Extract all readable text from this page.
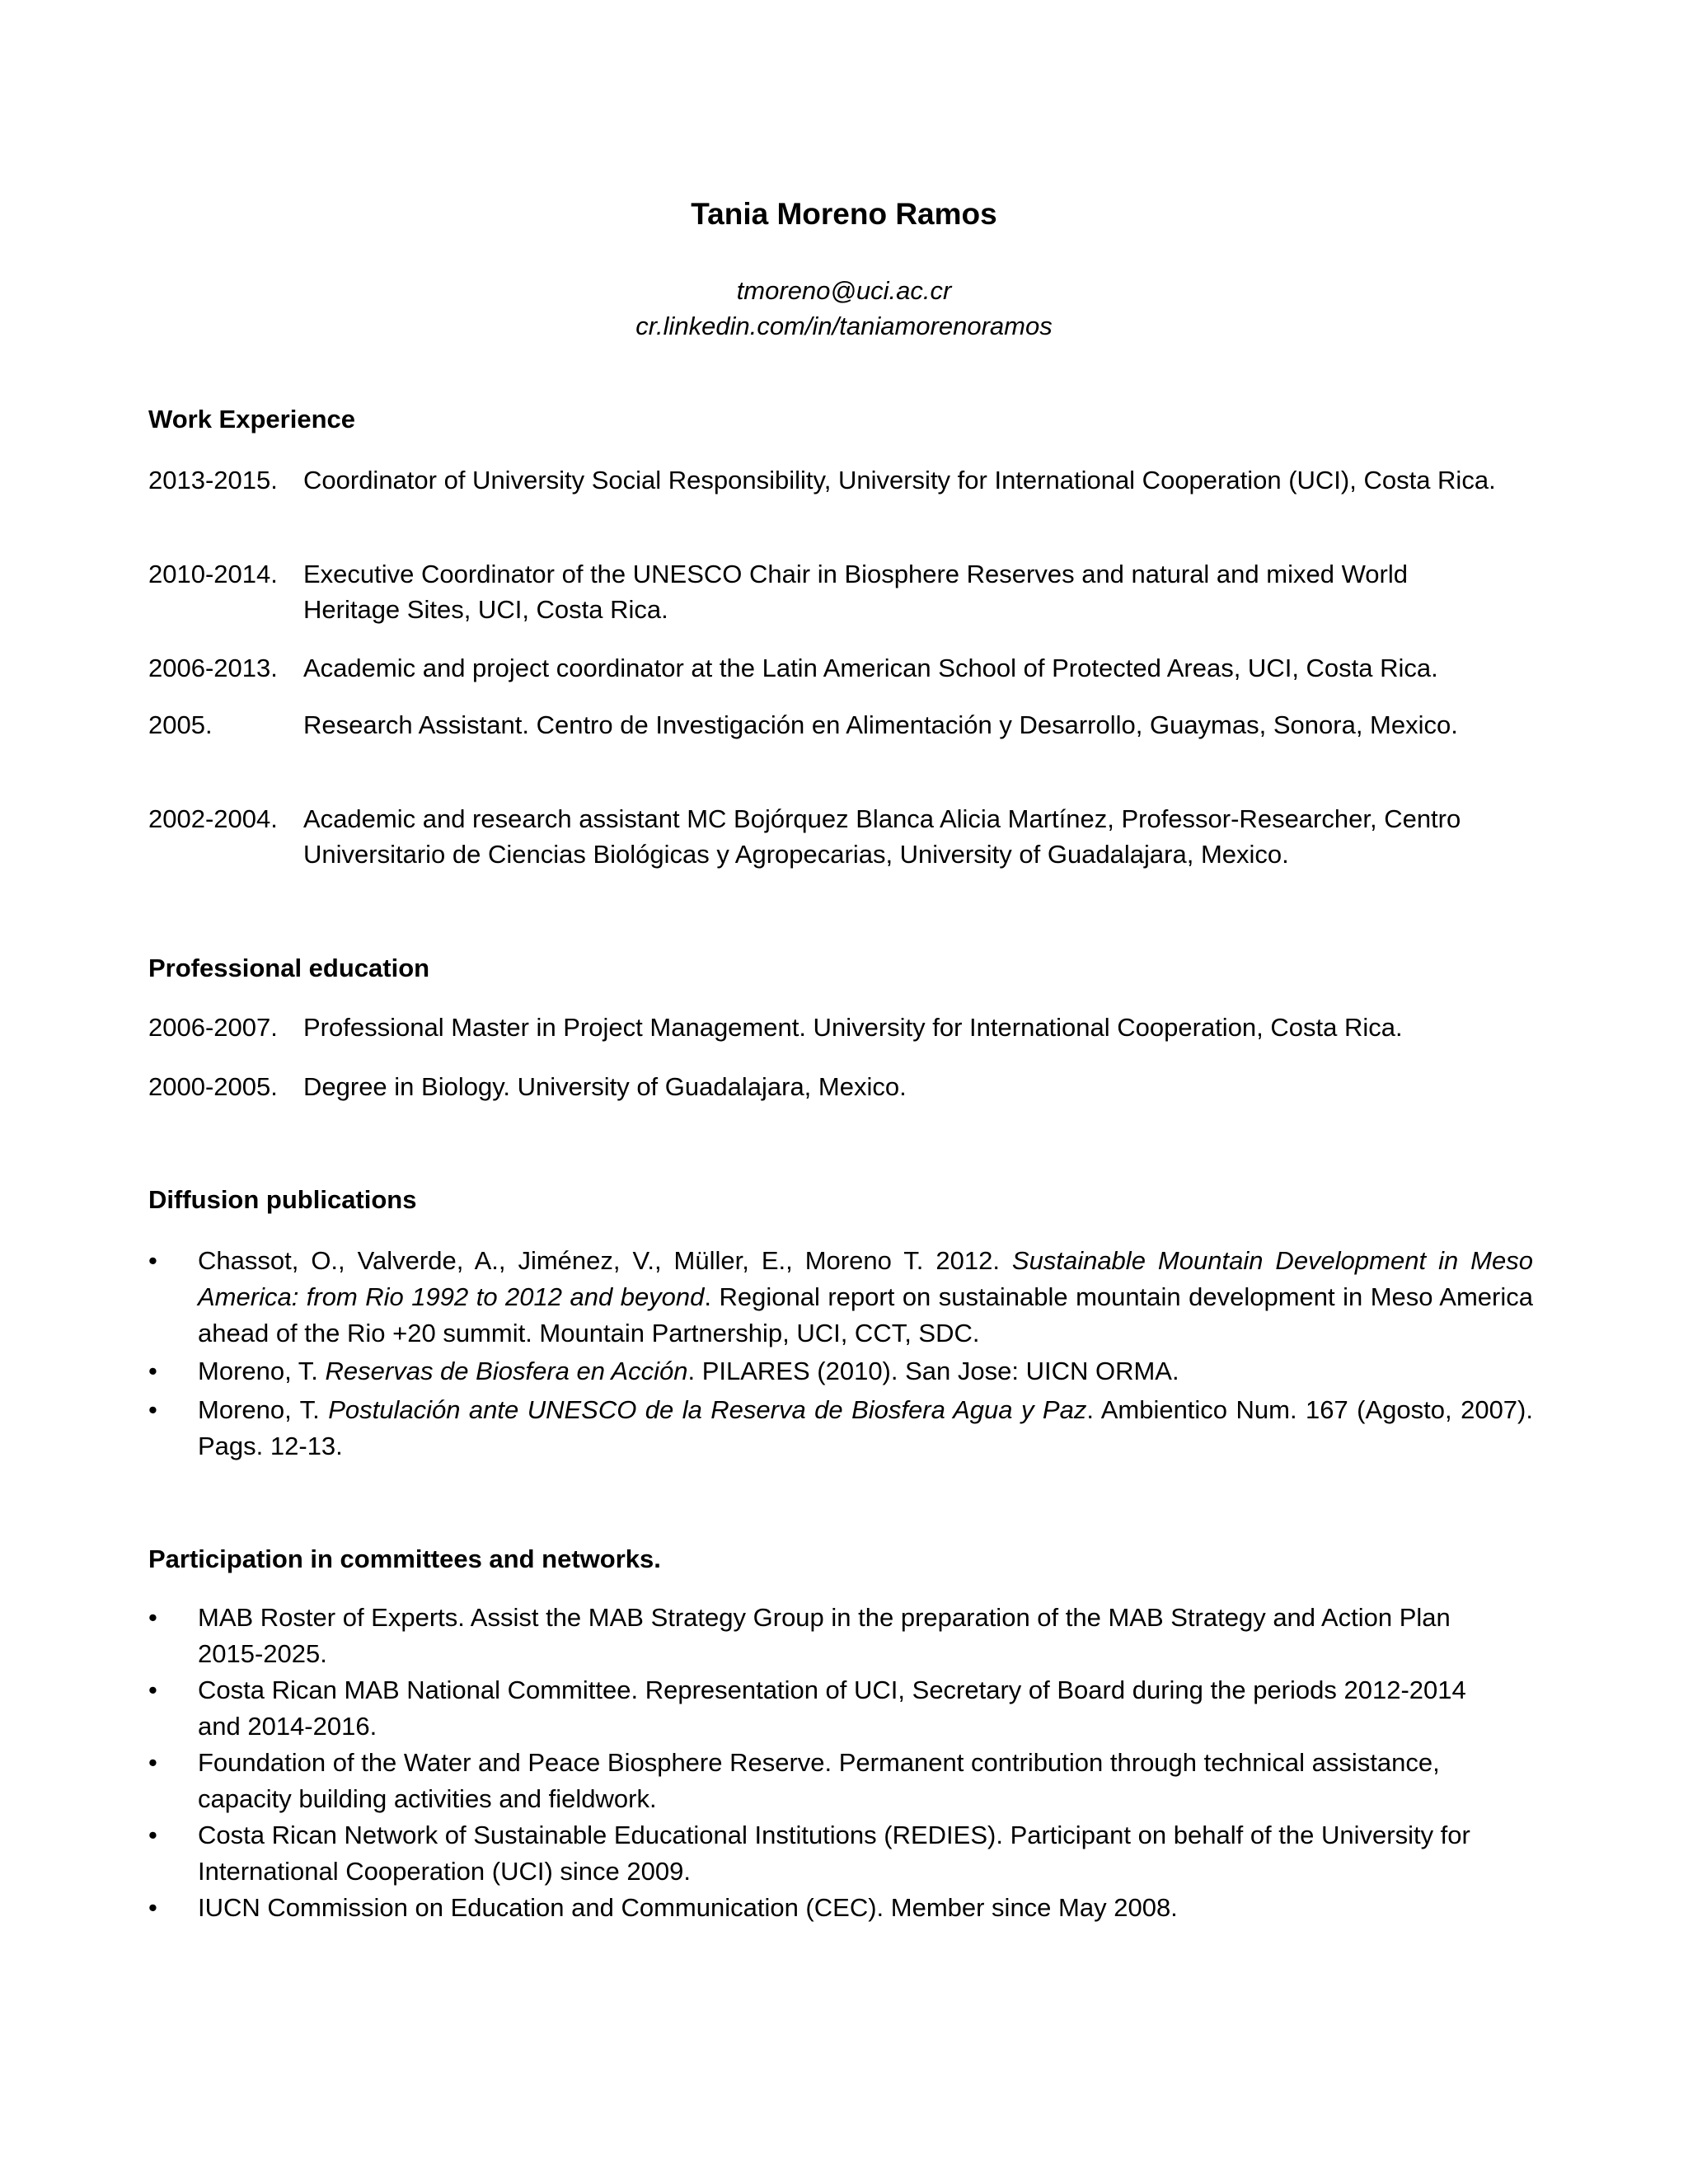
Tania Moreno Ramos
tmoreno@uci.ac.cr
cr.linkedin.com/in/taniamorenoramos
Work Experience
2013-2015.	Coordinator of University Social Responsibility, University for International Cooperation (UCI), Costa Rica.
2010-2014.	Executive Coordinator of the UNESCO Chair in Biosphere Reserves and natural and mixed World Heritage Sites, UCI, Costa Rica.
2006-2013.	Academic and project coordinator at the Latin American School of Protected Areas, UCI, Costa Rica.
2005.	Research Assistant. Centro de Investigación en Alimentación y Desarrollo, Guaymas, Sonora, Mexico.
2002-2004.	Academic and research assistant MC Bojórquez Blanca Alicia Martínez, Professor-Researcher, Centro Universitario de Ciencias Biológicas y Agropecarias, University of Guadalajara, Mexico.
Professional education
2006-2007.	Professional Master in Project Management. University for International Cooperation, Costa Rica.
2000-2005.	Degree in Biology. University of Guadalajara, Mexico.
Diffusion publications
•	Chassot, O., Valverde, A., Jiménez, V., Müller, E., Moreno T. 2012. Sustainable Mountain Development in Meso America: from Rio 1992 to 2012 and beyond. Regional report on sustainable mountain development in Meso America ahead of the Rio +20 summit. Mountain Partnership, UCI, CCT, SDC.
•	Moreno, T. Reservas de Biosfera en Acción. PILARES (2010). San Jose: UICN ORMA.
•	Moreno, T. Postulación ante UNESCO de la Reserva de Biosfera Agua y Paz. Ambientico Num. 167 (Agosto, 2007). Pags. 12-13.
Participation in committees and networks.
•	MAB Roster of Experts. Assist the MAB Strategy Group in the preparation of the MAB Strategy and Action Plan 2015-2025.
•	Costa Rican MAB National Committee. Representation of UCI, Secretary of Board during the periods 2012-2014 and 2014-2016.
•	Foundation of the Water and Peace Biosphere Reserve. Permanent contribution through technical assistance, capacity building activities and fieldwork.
•	Costa Rican Network of Sustainable Educational Institutions (REDIES). Participant on behalf of the University for International Cooperation (UCI) since 2009.
•	IUCN Commission on Education and Communication (CEC). Member since May 2008.
